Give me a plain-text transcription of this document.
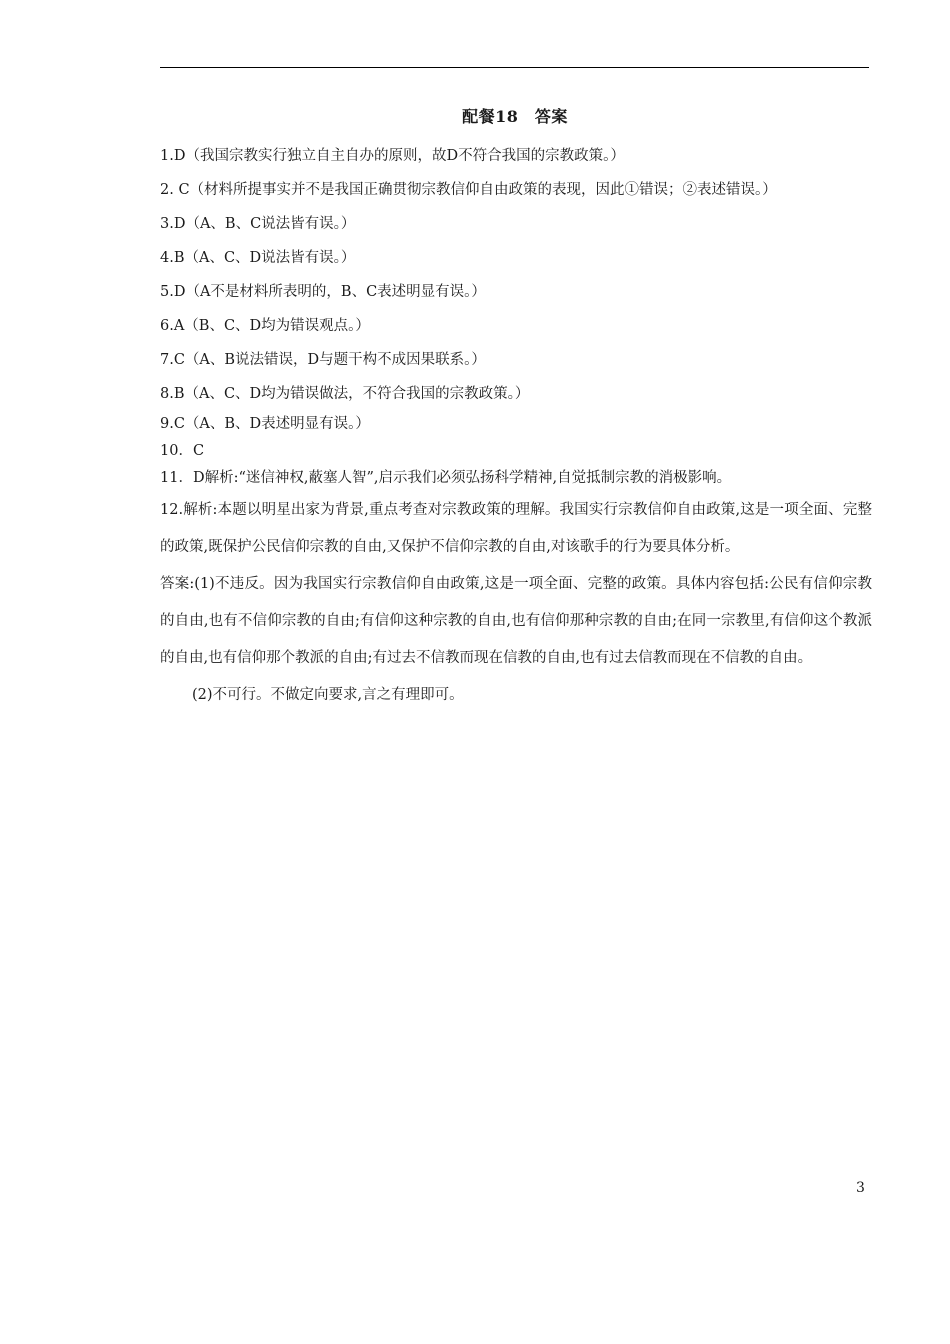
配餐18　答案
1.D（我国宗教实行独立自主自办的原则，故D不符合我国的宗教政策。）
2. C（材料所提事实并不是我国正确贯彻宗教信仰自由政策的表现，因此①错误；②表述错误。）
3.D（A、B、C说法皆有误。）
4.B（A、C、D说法皆有误。）
5.D（A不是材料所表明的，B、C表述明显有误。）
6.A（B、C、D均为错误观点。）
7.C（A、B说法错误，D与题干构不成因果联系。）
8.B（A、C、D均为错误做法，不符合我国的宗教政策。）
9.C（A、B、D表述明显有误。）
10．C
11．D解析:“迷信神权,蔽塞人智”,启示我们必须弘扬科学精神,自觉抵制宗教的消极影响。
12.解析:本题以明星出家为背景,重点考查对宗教政策的理解。我国实行宗教信仰自由政策,这是一项全面、完整的政策,既保护公民信仰宗教的自由,又保护不信仰宗教的自由,对该歌手的行为要具体分析。
答案:(1)不违反。因为我国实行宗教信仰自由政策,这是一项全面、完整的政策。具体内容包括:公民有信仰宗教的自由,也有不信仰宗教的自由;有信仰这种宗教的自由,也有信仰那种宗教的自由;在同一宗教里,有信仰这个教派的自由,也有信仰那个教派的自由;有过去不信教而现在信教的自由,也有过去信教而现在不信教的自由。
(2)不可行。不做定向要求,言之有理即可。
3
